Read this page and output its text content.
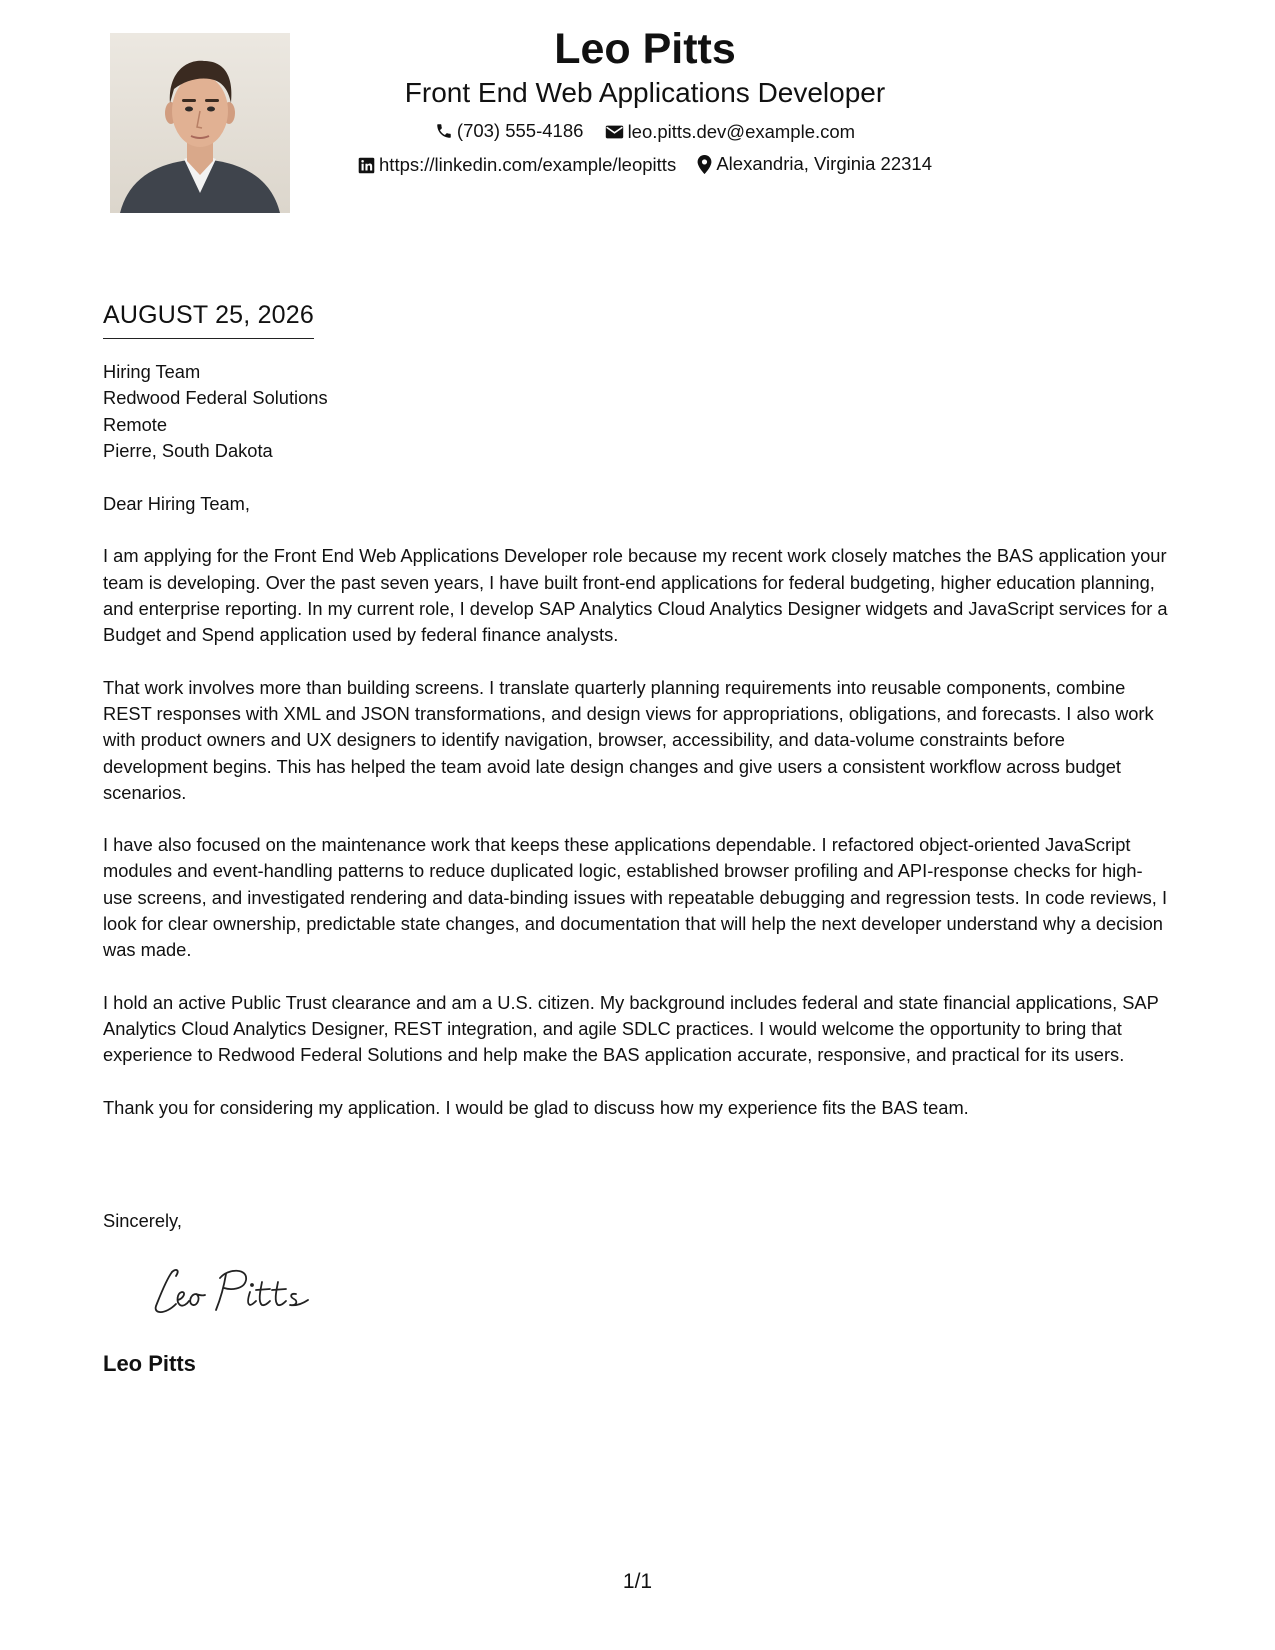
Leo Pitts
Front End Web Applications Developer
(703) 555-4186
leo.pitts.dev@example.com
https://linkedin.com/example/leopitts
Alexandria, Virginia 22314
AUGUST 25, 2026
Hiring Team
Redwood Federal Solutions
Remote
Pierre, South Dakota
Dear Hiring Team,

I am applying for the Front End Web Applications Developer role because my recent work closely matches the BAS application your team is developing. Over the past seven years, I have built front-end applications for federal budgeting, higher education planning, and enterprise reporting. In my current role, I develop SAP Analytics Cloud Analytics Designer widgets and JavaScript services for a Budget and Spend application used by federal finance analysts.

That work involves more than building screens. I translate quarterly planning requirements into reusable components, combine REST responses with XML and JSON transformations, and design views for appropriations, obligations, and forecasts. I also work with product owners and UX designers to identify navigation, browser, accessibility, and data-volume constraints before development begins. This has helped the team avoid late design changes and give users a consistent workflow across budget scenarios.

I have also focused on the maintenance work that keeps these applications dependable. I refactored object-oriented JavaScript modules and event-handling patterns to reduce duplicated logic, established browser profiling and API-response checks for high-use screens, and investigated rendering and data-binding issues with repeatable debugging and regression tests. In code reviews, I look for clear ownership, predictable state changes, and documentation that will help the next developer understand why a decision was made.

I hold an active Public Trust clearance and am a U.S. citizen. My background includes federal and state financial applications, SAP Analytics Cloud Analytics Designer, REST integration, and agile SDLC practices. I would welcome the opportunity to bring that experience to Redwood Federal Solutions and help make the BAS application accurate, responsive, and practical for its users.

Thank you for considering my application. I would be glad to discuss how my experience fits the BAS team.

Sincerely,
Leo Pitts
1/1
